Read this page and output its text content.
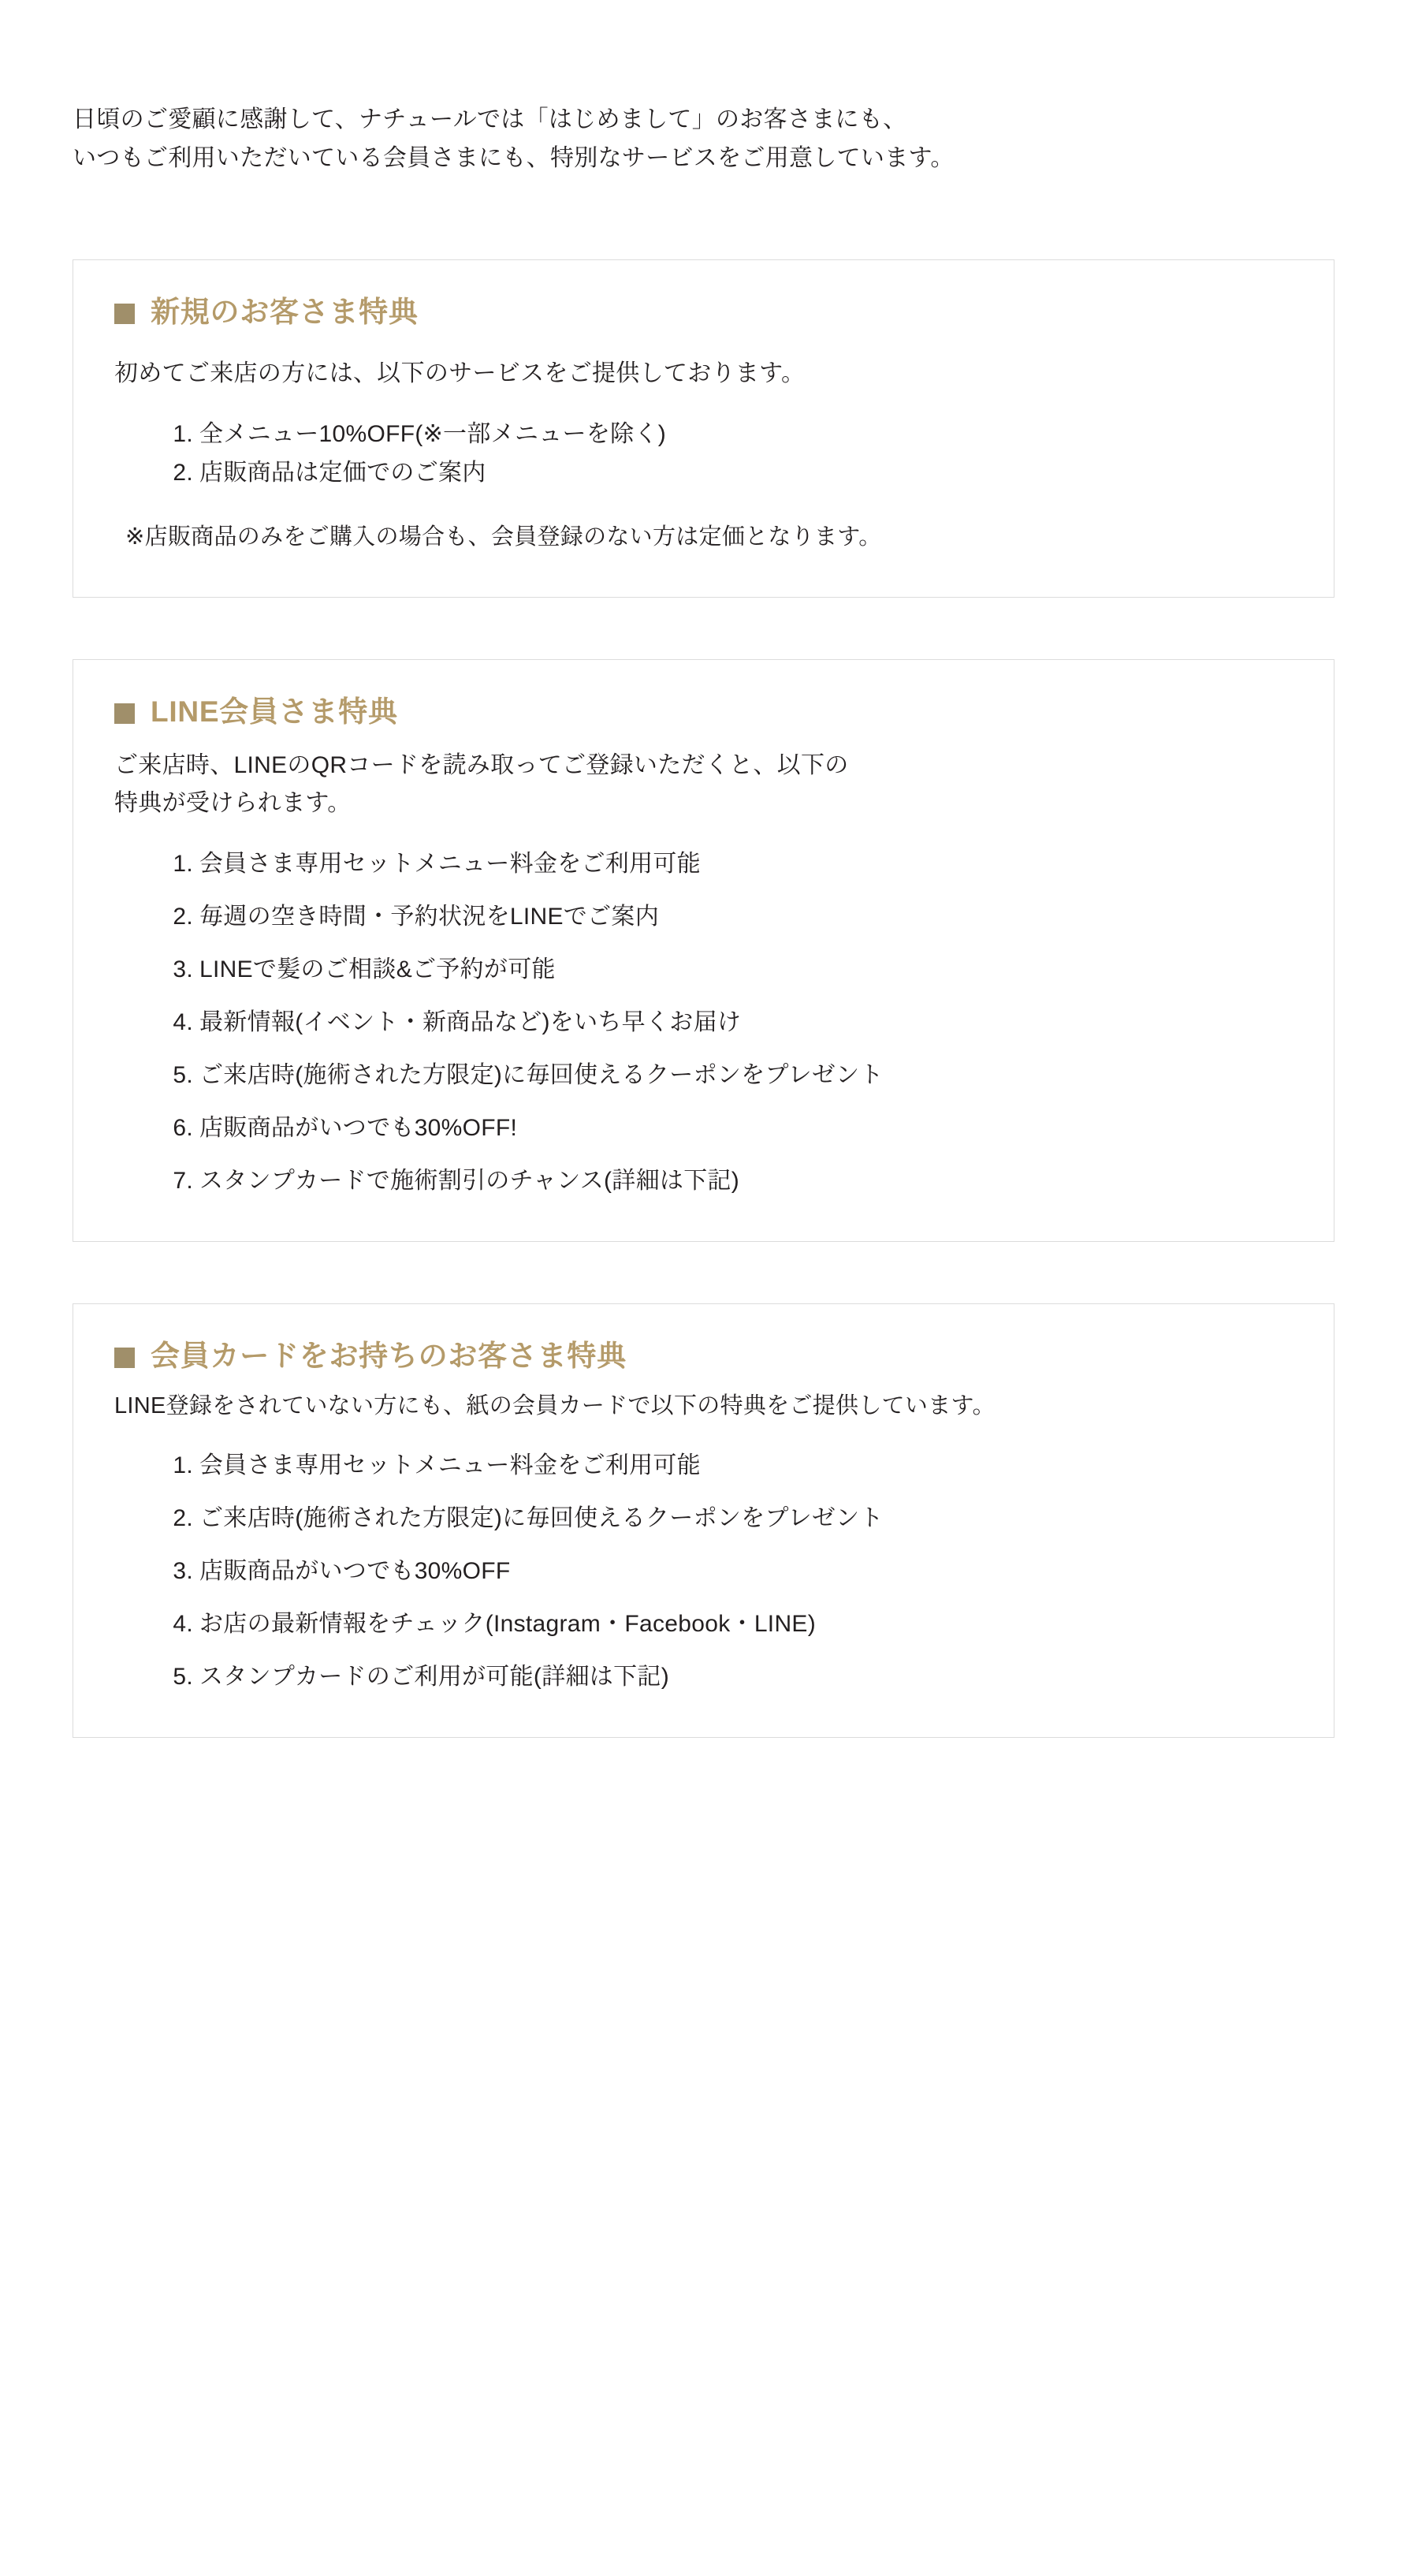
日頃のご愛顧に感謝して、ナチュールでは「はじめまして」のお客さまにも、

いつもご利用いただいている会員さまにも、特別なサービスをご用意しています。

新規のお客さま特典

初めてご来店の方には、以下のサービスをご提供しております。

全メニュー10%OFF(※一部メニューを除く)
店販商品は定価でのご案内

※店販商品のみをご購入の場合も、会員登録のない方は定価となります。

LINE会員さま特典

ご来店時、LINEのQRコードを読み取ってご登録いただくと、以下の

特典が受けられます。

会員さま専用セットメニュー料金をご利用可能
毎週の空き時間・予約状況をLINEでご案内
LINEで髪のご相談&ご予約が可能
最新情報(イベント・新商品など)をいち早くお届け
ご来店時(施術された方限定)に毎回使えるクーポンをプレゼント
店販商品がいつでも30%OFF!
スタンプカードで施術割引のチャンス(詳細は下記)
会員カードをお持ちのお客さま特典

LINE登録をされていない方にも、紙の会員カードで以下の特典をご提供しています。

会員さま専用セットメニュー料金をご利用可能
ご来店時(施術された方限定)に毎回使えるクーポンをプレゼント
店販商品がいつでも30%OFF
お店の最新情報をチェック(Instagram・Facebook・LINE)
スタンプカードのご利用が可能(詳細は下記)
